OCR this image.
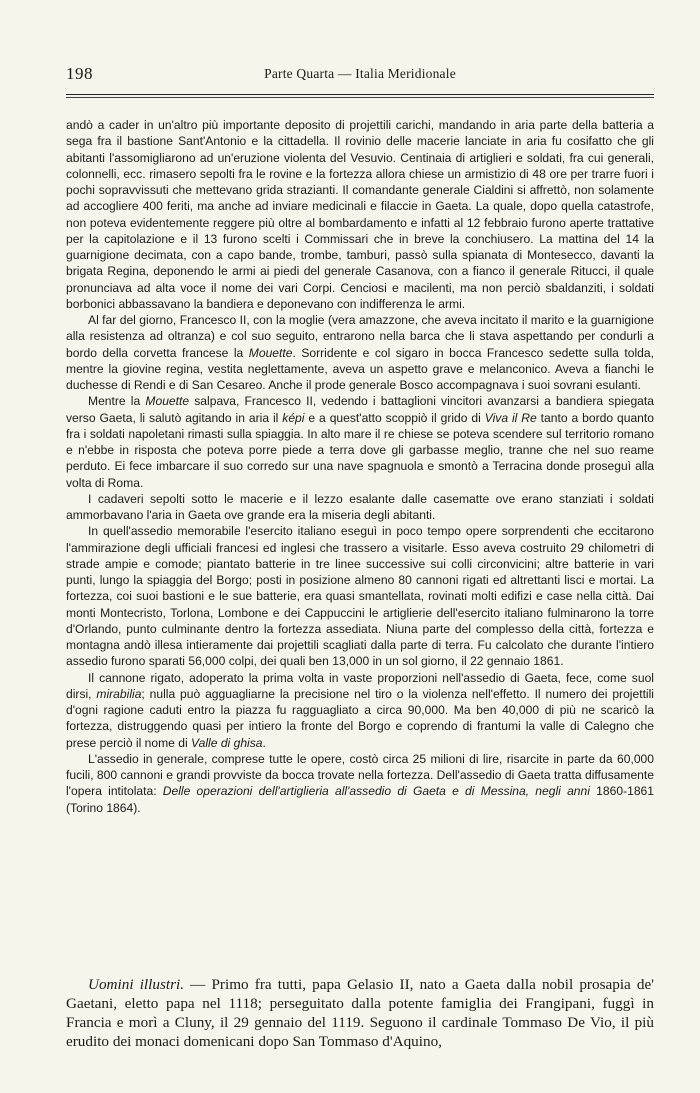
198	Parte Quarta — Italia Meridionale

andò a cader in un'altro più importante deposito di projettili carichi, mandando in aria parte della batteria a sega fra il bastione Sant'Antonio e la cittadella. Il rovinio delle macerie lanciate in aria fu cosifatto che gli abitanti l'assomigliarono ad un'eruzione violenta del Vesuvio. Centinaia di artiglieri e soldati, fra cui generali, colonnelli, ecc. rimasero sepolti fra le rovine e la fortezza allora chiese un armistizio di 48 ore per trarre fuori i pochi sopravvissuti che mettevano grida strazianti. Il comandante generale Cialdini si affrettò, non solamente ad accogliere 400 feriti, ma anche ad inviare medicinali e filaccie in Gaeta. La quale, dopo quella catastrofe, non poteva evidentemente reggere più oltre al bombardamento e infatti al 12 febbraio furono aperte trattative per la capitolazione e il 13 furono scelti i Commissari che in breve la conchiusero. La mattina del 14 la guarnigione decimata, con a capo bande, trombe, tamburi, passò sulla spianata di Montesecco, davanti la brigata Regina, deponendo le armi ai piedi del generale Casanova, con a fianco il generale Ritucci, il quale pronunciava ad alta voce il nome dei vari Corpi. Cenciosi e macilenti, ma non perciò sbaldanziti, i soldati borbonici abbassavano la bandiera e deponevano con indifferenza le armi.

Al far del giorno, Francesco II, con la moglie (vera amazzone, che aveva incitato il marito e la guarnigione alla resistenza ad oltranza) e col suo seguito, entrarono nella barca che li stava aspettando per condurli a bordo della corvetta francese la Mouette. Sorridente e col sigaro in bocca Francesco sedette sulla tolda, mentre la giovine regina, vestita neglettamente, aveva un aspetto grave e melanconico. Aveva a fianchi le duchesse di Rendi e di San Cesareo. Anche il prode generale Bosco accompagnava i suoi sovrani esulanti.

Mentre la Mouette salpava, Francesco II, vedendo i battaglioni vincitori avanzarsi a bandiera spiegata verso Gaeta, li salutò agitando in aria il képi e a quest'atto scoppiò il grido di Viva il Re tanto a bordo quanto fra i soldati napoletani rimasti sulla spiaggia. In alto mare il re chiese se poteva scendere sul territorio romano e n'ebbe in risposta che poteva porre piede a terra dove gli garbasse meglio, tranne che nel suo reame perduto. Ei fece imbarcare il suo corredo sur una nave spagnuola e smontò a Terracina donde proseguì alla volta di Roma.

I cadaveri sepolti sotto le macerie e il lezzo esalante dalle casematte ove erano stanziati i soldati ammorbavano l'aria in Gaeta ove grande era la miseria degli abitanti.

In quell'assedio memorabile l'esercito italiano eseguì in poco tempo opere sorprendenti che eccitarono l'ammirazione degli ufficiali francesi ed inglesi che trassero a visitarle. Esso aveva costruito 29 chilometri di strade ampie e comode; piantato batterie in tre linee successive sui colli circonvicini; altre batterie in vari punti, lungo la spiaggia del Borgo; posti in posizione almeno 80 cannoni rigati ed altrettanti lisci e mortai. La fortezza, coi suoi bastioni e le sue batterie, era quasi smantellata, rovinati molti edifizi e case nella città. Dai monti Montecristo, Torlona, Lombone e dei Cappuccini le artiglierie dell'esercito italiano fulminarono la torre d'Orlando, punto culminante dentro la fortezza assediata. Niuna parte del complesso della città, fortezza e montagna andò illesa intieramente dai projettili scagliati dalla parte di terra. Fu calcolato che durante l'intiero assedio furono sparati 56,000 colpi, dei quali ben 13,000 in un sol giorno, il 22 gennaio 1861.

Il cannone rigato, adoperato la prima volta in vaste proporzioni nell'assedio di Gaeta, fece, come suol dirsi, mirabilia; nulla può agguagliarne la precisione nel tiro o la violenza nell'effetto. Il numero dei projettili d'ogni ragione caduti entro la piazza fu ragguagliato a circa 90,000. Ma ben 40,000 di più ne scaricò la fortezza, distruggendo quasi per intiero la fronte del Borgo e coprendo di frantumi la valle di Calegno che prese perciò il nome di Valle di ghisa.

L'assedio in generale, comprese tutte le opere, costò circa 25 milioni di lire, risarcite in parte da 60,000 fucili, 800 cannoni e grandi provviste da bocca trovate nella fortezza. Dell'assedio di Gaeta tratta diffusamente l'opera intitolata: Delle operazioni dell'artiglieria all'assedio di Gaeta e di Messina, negli anni 1860-1861 (Torino 1864).

Uomini illustri. — Primo fra tutti, papa Gelasio II, nato a Gaeta dalla nobil prosapia de' Gaetani, eletto papa nel 1118; perseguitato dalla potente famiglia dei Frangipani, fuggì in Francia e morì a Cluny, il 29 gennaio del 1119. Seguono il cardinale Tommaso De Vio, il più erudito dei monaci domenicani dopo San Tommaso d'Aquino,
